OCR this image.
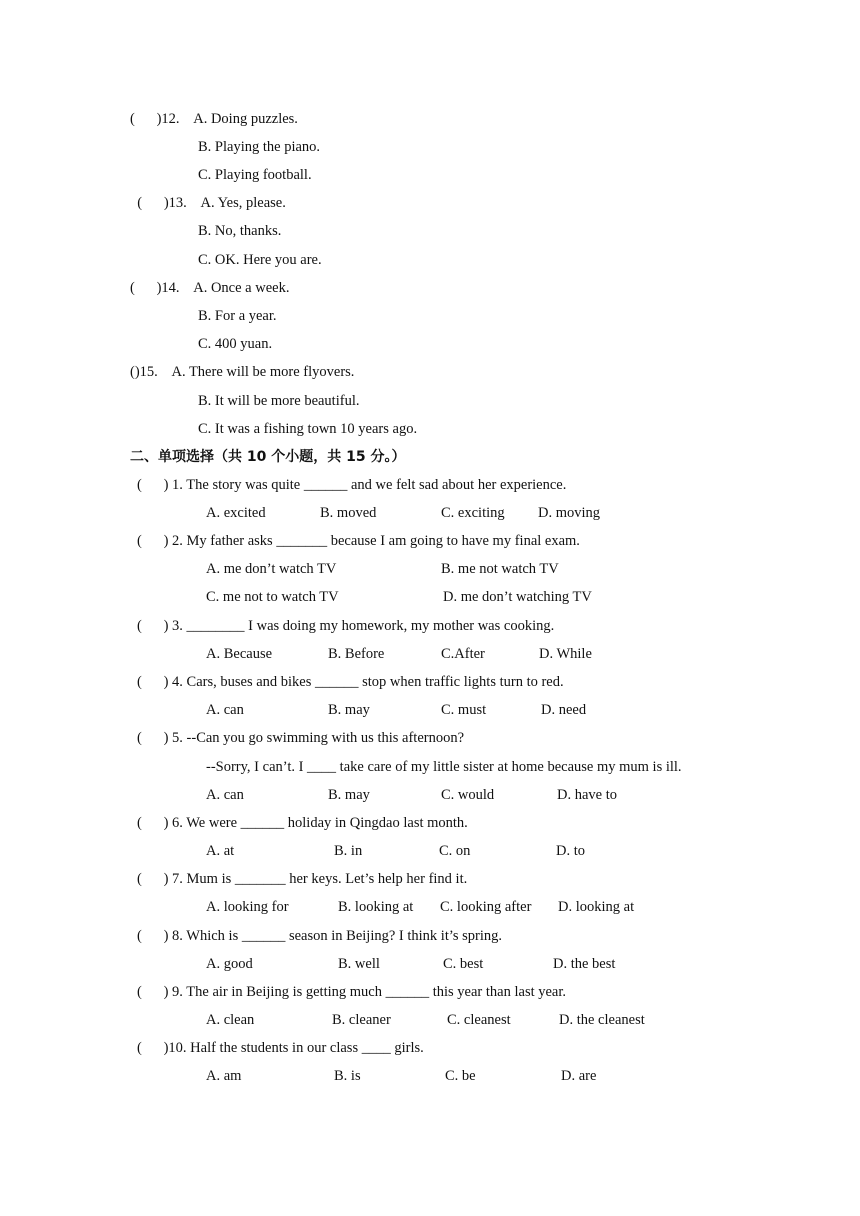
(      )12.    A. Doing puzzles.
B. Playing the piano.
C. Playing football.
(      )13.    A. Yes, please.
B. No, thanks.
C. OK. Here you are.
(      )14.    A. Once a week.
B. For a year.
C. 400 yuan.
()15.    A. There will be more flyovers.
B. It will be more beautiful.
C. It was a fishing town 10 years ago.
二、单项选择（共 10 个小题，共 15 分。）
(      ) 1. The story was quite ______ and we felt sad about her experience.
A. excited	B. moved	C. exciting D. moving
(      ) 2. My father asks _______ because I am going to have my final exam.
A. me don’t watch TV	B. me not watch TV
C. me not to watch TV	D. me don’t watching TV
(      ) 3. ________ I was doing my homework, my mother was cooking.
A. Because	B. Before	C.After	D. While
(      ) 4. Cars, buses and bikes ______ stop when traffic lights turn to red.
A. can	B. may	C. must	D. need
(      ) 5. --Can you go swimming with us this afternoon?
--Sorry, I can’t. I ____ take care of my little sister at home because my mum is ill.
A. can	B. may	C. would	D. have to
(      ) 6. We were ______ holiday in Qingdao last month.
A. at	B. in	C. on	D. to
(      ) 7. Mum is _______ her keys. Let’s help her find it.
A. looking for	B. looking at C. looking after D. looking at
(      ) 8. Which is ______ season in Beijing? I think it’s spring.
A. good	B. well	C. best	D. the best
(      ) 9. The air in Beijing is getting much ______ this year than last year.
A. clean	B. cleaner	C. cleanest	D. the cleanest
(      )10. Half the students in our class ____ girls.
A. am	B. is	C. be	D. are
